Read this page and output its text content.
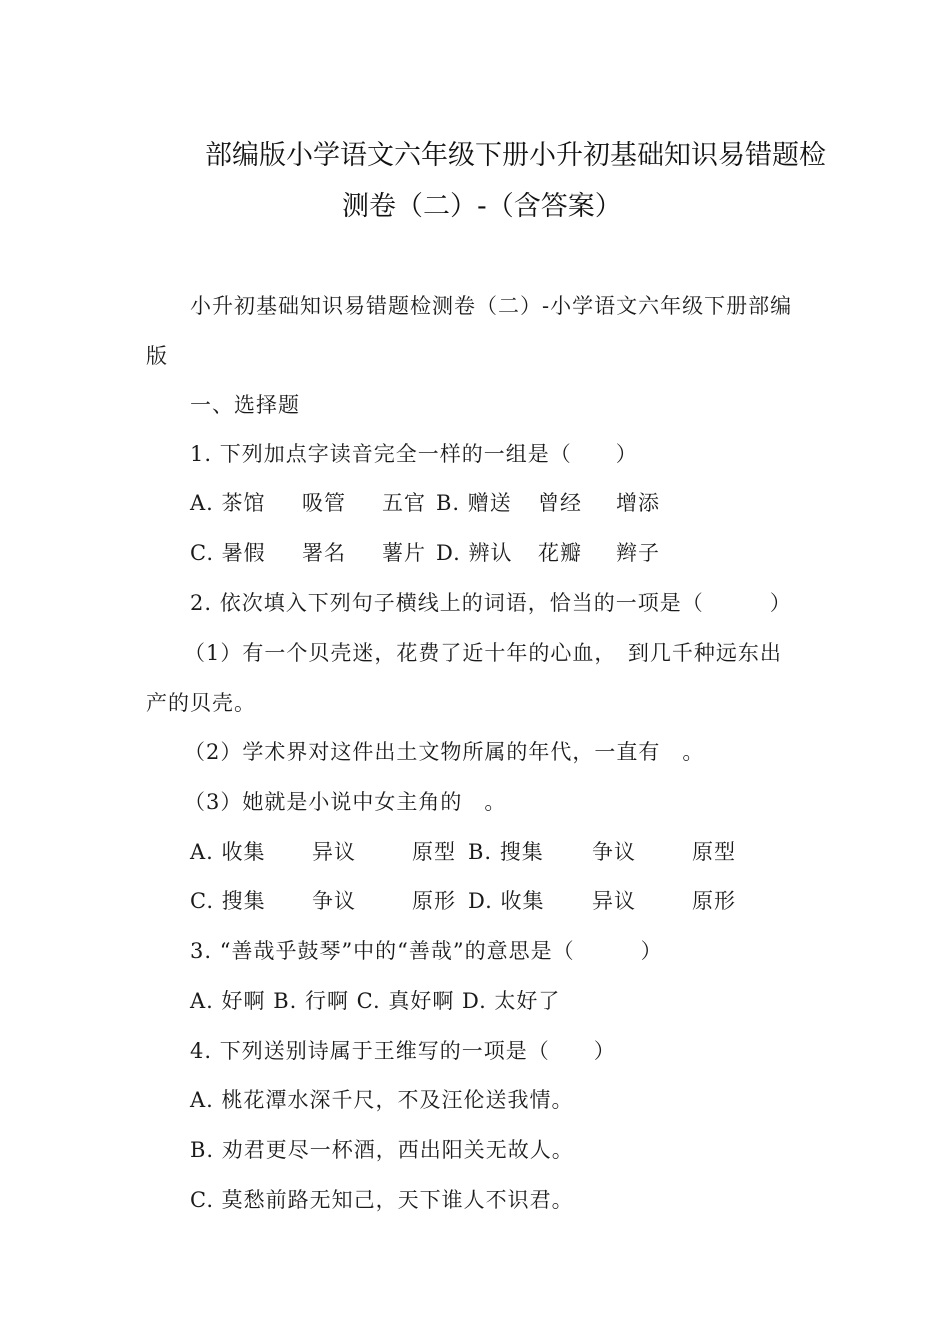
部编版小学语文六年级下册小升初基础知识易错题检
测卷（二）-（含答案）
小升初基础知识易错题检测卷（二）-小学语文六年级下册部编
版
一、选择题
1. 下列加点字读音完全一样的一组是（　　）
A. 茶馆 吸管 五官 B. 赠送 曾经 增添
C. 暑假 署名 薯片 D. 辨认 花瓣 辫子
2. 依次填入下列句子横线上的词语，恰当的一项是（　　　）
（1）有一个贝壳迷，花费了近十年的心血，　到几千种远东出
产的贝壳。
（2）学术界对这件出土文物所属的年代，一直有　。
（3）她就是小说中女主角的　。
A. 收集 异议	原型 B. 搜集 争议	原型
C. 搜集 争议	原形 D. 收集 异议	原形
3. “善哉乎鼓琴”中的“善哉”的意思是（　　　）
A. 好啊 B. 行啊 C. 真好啊 D. 太好了
4. 下列送别诗属于王维写的一项是（　　）
A. 桃花潭水深千尺，不及汪伦送我情。
B. 劝君更尽一杯酒，西出阳关无故人。
C. 莫愁前路无知己，天下谁人不识君。
